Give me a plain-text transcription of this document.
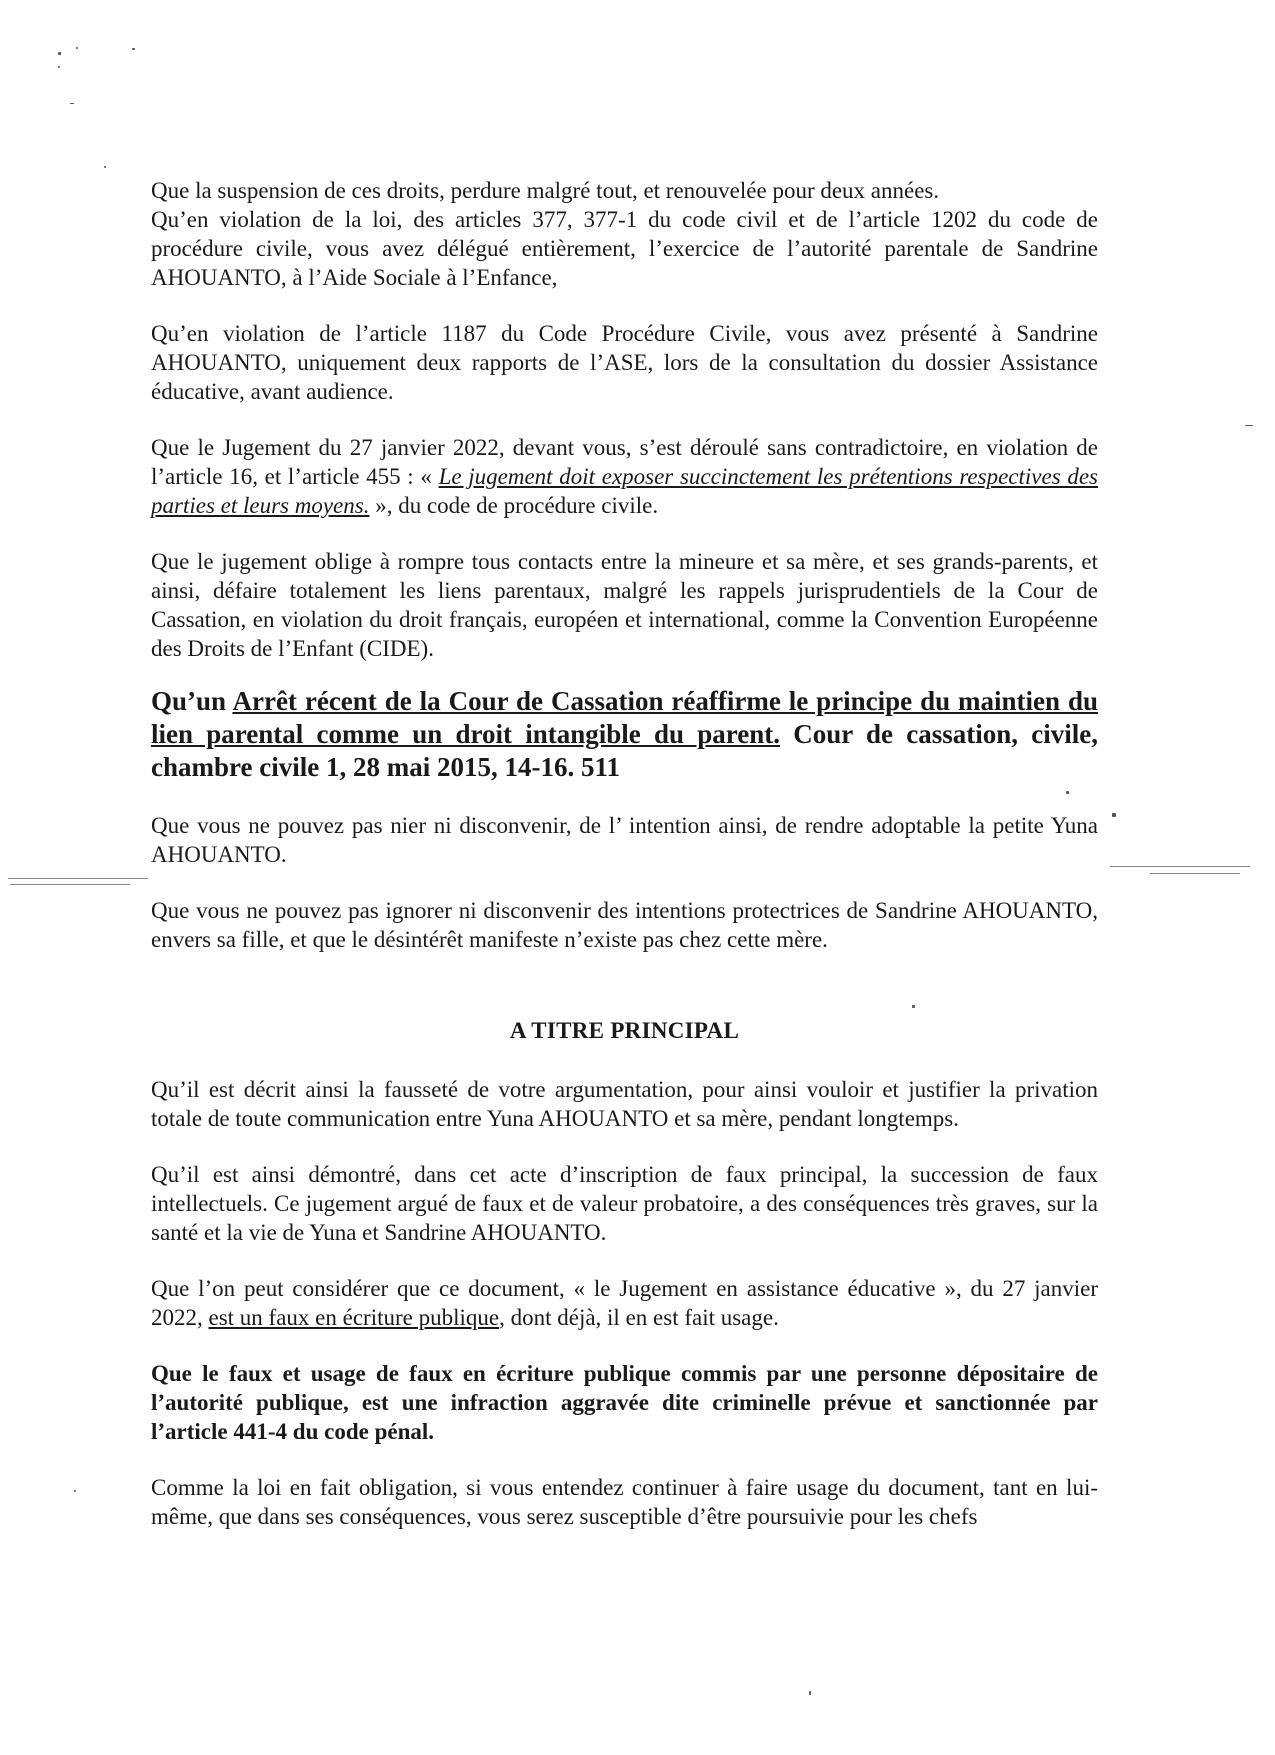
Que la suspension de ces droits, perdure malgré tout, et renouvelée pour deux années.

Qu’en violation de la loi, des articles 377, 377-1 du code civil et de l’article 1202 du code de procédure civile, vous avez délégué entièrement, l’exercice de l’autorité parentale de Sandrine AHOUANTO, à l’Aide Sociale à l’Enfance,

Qu’en violation de l’article 1187 du Code Procédure Civile, vous avez présenté à Sandrine AHOUANTO, uniquement deux rapports de l’ASE, lors de la consultation du dossier Assistance éducative, avant audience.

Que le Jugement du 27 janvier 2022, devant vous, s’est déroulé sans contradictoire, en violation de l’article 16, et l’article 455 : « Le jugement doit exposer succinctement les prétentions respectives des parties et leurs moyens. », du code de procédure civile.

Que le jugement oblige à rompre tous contacts entre la mineure et sa mère, et ses grands-parents, et ainsi, défaire totalement les liens parentaux, malgré les rappels jurisprudentiels de la Cour de Cassation, en violation du droit français, européen et international, comme la Convention Européenne des Droits de l’Enfant (CIDE).

Qu’un Arrêt récent de la Cour de Cassation réaffirme le principe du maintien du lien parental comme un droit intangible du parent. Cour de cassation, civile, chambre civile 1, 28 mai 2015, 14-16. 511

Que vous ne pouvez pas nier ni disconvenir, de l’ intention ainsi, de rendre adoptable la petite Yuna AHOUANTO.

Que vous ne pouvez pas ignorer ni disconvenir des intentions protectrices de Sandrine AHOUANTO, envers sa fille, et que le désintérêt manifeste n’existe pas chez cette mère.

A TITRE PRINCIPAL

Qu’il est décrit ainsi la fausseté de votre argumentation, pour ainsi vouloir et justifier la privation totale de toute communication entre Yuna AHOUANTO et sa mère, pendant longtemps.

Qu’il est ainsi démontré, dans cet acte d’inscription de faux principal, la succession de faux intellectuels. Ce jugement argué de faux et de valeur probatoire, a des conséquences très graves, sur la santé et la vie de Yuna et Sandrine AHOUANTO.

Que l’on peut considérer que ce document, « le Jugement en assistance éducative », du 27 janvier 2022, est un faux en écriture publique, dont déjà, il en est fait usage.

Que le faux et usage de faux en écriture publique commis par une personne dépositaire de l’autorité publique, est une infraction aggravée dite criminelle prévue et sanctionnée par l’article 441-4 du code pénal.

Comme la loi en fait obligation, si vous entendez continuer à faire usage du document, tant en lui-même, que dans ses conséquences, vous serez susceptible d’être poursuivie pour les chefs
